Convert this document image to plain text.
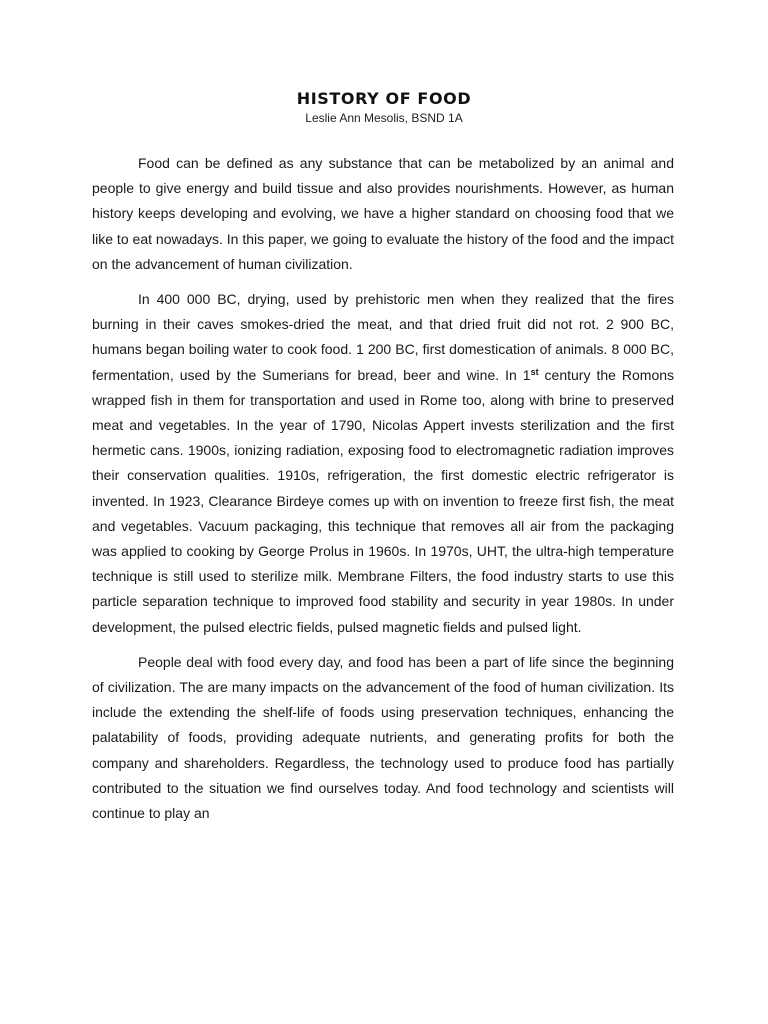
HISTORY OF FOOD
Leslie Ann Mesolis, BSND 1A

Food can be defined as any substance that can be metabolized by an animal and people to give energy and build tissue and also provides nourishments. However, as human history keeps developing and evolving, we have a higher standard on choosing food that we like to eat nowadays. In this paper, we going to evaluate the history of the food and the impact on the advancement of human civilization.

In 400 000 BC, drying, used by prehistoric men when they realized that the fires burning in their caves smokes-dried the meat, and that dried fruit did not rot. 2 900 BC, humans began boiling water to cook food. 1 200 BC, first domestication of animals. 8 000 BC, fermentation, used by the Sumerians for bread, beer and wine. In 1st century the Romons wrapped fish in them for transportation and used in Rome too, along with brine to preserved meat and vegetables. In the year of 1790, Nicolas Appert invests sterilization and the first hermetic cans. 1900s, ionizing radiation, exposing food to electromagnetic radiation improves their conservation qualities. 1910s, refrigeration, the first domestic electric refrigerator is invented. In 1923, Clearance Birdeye comes up with on invention to freeze first fish, the meat and vegetables. Vacuum packaging, this technique that removes all air from the packaging was applied to cooking by George Prolus in 1960s. In 1970s, UHT, the ultra-high temperature technique is still used to sterilize milk. Membrane Filters, the food industry starts to use this particle separation technique to improved food stability and security in year 1980s. In under development, the pulsed electric fields, pulsed magnetic fields and pulsed light.

People deal with food every day, and food has been a part of life since the beginning of civilization. The are many impacts on the advancement of the food of human civilization. Its include the extending the shelf-life of foods using preservation techniques, enhancing the palatability of foods, providing adequate nutrients, and generating profits for both the company and shareholders. Regardless, the technology used to produce food has partially contributed to the situation we find ourselves today. And food technology and scientists will continue to play an
